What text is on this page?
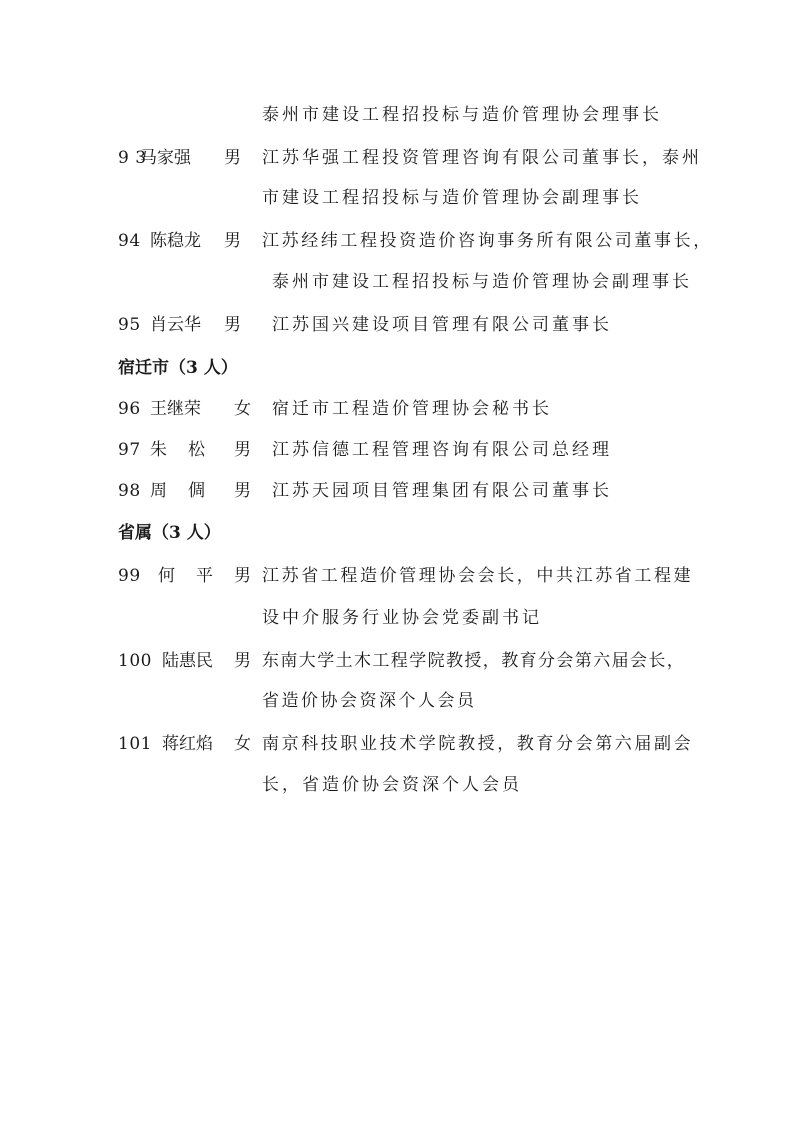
泰州市建设工程招投标与造价管理协会理事长
9 3
马家强 男 江苏华强工程投资管理咨询有限公司董事长，泰州
市建设工程招投标与造价管理协会副理事长
94 陈稳龙 男 江苏经纬工程投资造价咨询事务所有限公司董事长，
泰州市建设工程招投标与造价管理协会副理事长
95 肖云华 男 江苏国兴建设项目管理有限公司董事长
宿迁市（3 人）
96 王继荣 女 宿迁市工程造价管理协会秘书长
97 朱　松 男 江苏信德工程管理咨询有限公司总经理
98 周　倜 男 江苏天园项目管理集团有限公司董事长
省属（3 人）
99 何　平 男 江苏省工程造价管理协会会长，中共江苏省工程建
设中介服务行业协会党委副书记
100 陆惠民 男 东南大学土木工程学院教授，教育分会第六届会长，
省造价协会资深个人会员
101 蒋红焰 女 南京科技职业技术学院教授，教育分会第六届副会
长，省造价协会资深个人会员
